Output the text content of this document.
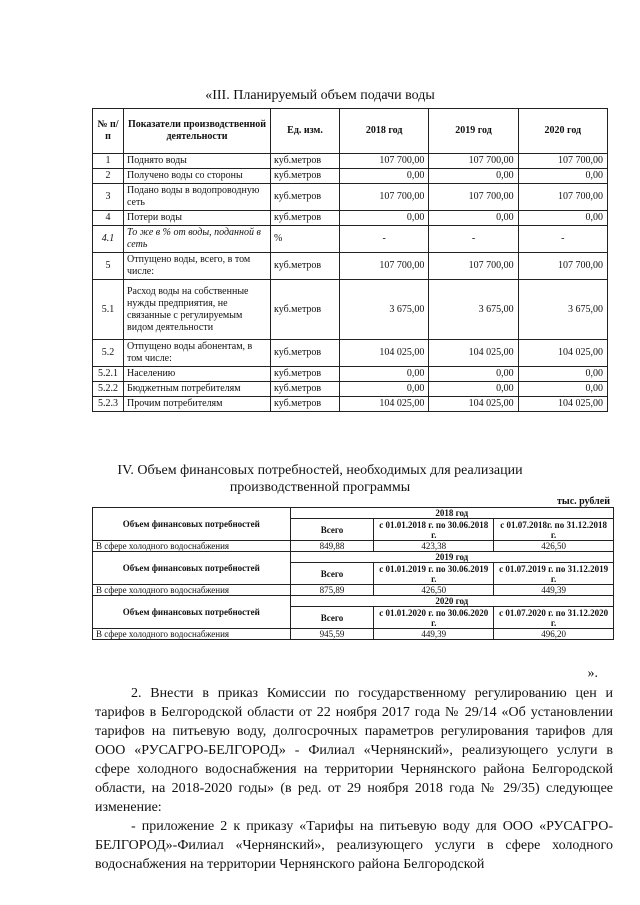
«III. Планируемый объем подачи воды
№ п/п	Показатели производственной деятельности	Ед. изм.	2018 год	2019 год	2020 год
1	Поднято воды	куб.метров	107 700,00	107 700,00	107 700,00
2	Получено воды со стороны	куб.метров	0,00	0,00	0,00
3	Подано воды в водопроводную сеть	куб.метров	107 700,00	107 700,00	107 700,00
4	Потери воды	куб.метров	0,00	0,00	0,00
4.1	То же в % от воды, поданной в сеть	%	-	-	-
5	Отпущено воды, всего, в том числе:	куб.метров	107 700,00	107 700,00	107 700,00
5.1	Расход воды на собственные нужды предприятия, не связанные с регулируемым видом деятельности	куб.метров	3 675,00	3 675,00	3 675,00
5.2	Отпущено воды абонентам, в том числе:	куб.метров	104 025,00	104 025,00	104 025,00
5.2.1	Населению	куб.метров	0,00	0,00	0,00
5.2.2	Бюджетным потребителям	куб.метров	0,00	0,00	0,00
5.2.3	Прочим потребителям	куб.метров	104 025,00	104 025,00	104 025,00
IV. Объем финансовых потребностей, необходимых для реализации
производственной программы
тыс. рублей
Объем финансовых потребностей	2018 год		
	Всего	с 01.01.2018 г. по 30.06.2018 г.	с 01.07.2018г. по 31.12.2018 г.
В сфере холодного водоснабжения	849,88	423,38	426,50
Объем финансовых потребностей	2019 год		
	Всего	с 01.01.2019 г. по 30.06.2019 г.	с 01.07.2019 г. по 31.12.2019 г.
В сфере холодного водоснабжения	875,89	426,50	449,39
Объем финансовых потребностей	2020 год		
	Всего	с 01.01.2020 г. по 30.06.2020 г.	с 01.07.2020 г. по 31.12.2020 г.
В сфере холодного водоснабжения	945,59	449,39	496,20
».
2. Внести в приказ Комиссии по государственному регулированию цен и тарифов в Белгородской области от 22 ноября 2017 года № 29/14 «Об установлении тарифов на питьевую воду, долгосрочных параметров регулирования тарифов для ООО «РУСАГРО-БЕЛГОРОД» - Филиал «Чернянский», реализующего услуги в сфере холодного водоснабжения на территории Чернянского района Белгородской области, на 2018-2020 годы» (в ред. от 29 ноября 2018 года № 29/35) следующее изменение:
- приложение 2 к приказу «Тарифы на питьевую воду для ООО «РУСАГРО-БЕЛГОРОД»-Филиал «Чернянский», реализующего услуги в сфере холодного водоснабжения на территории Чернянского района Белгородской
